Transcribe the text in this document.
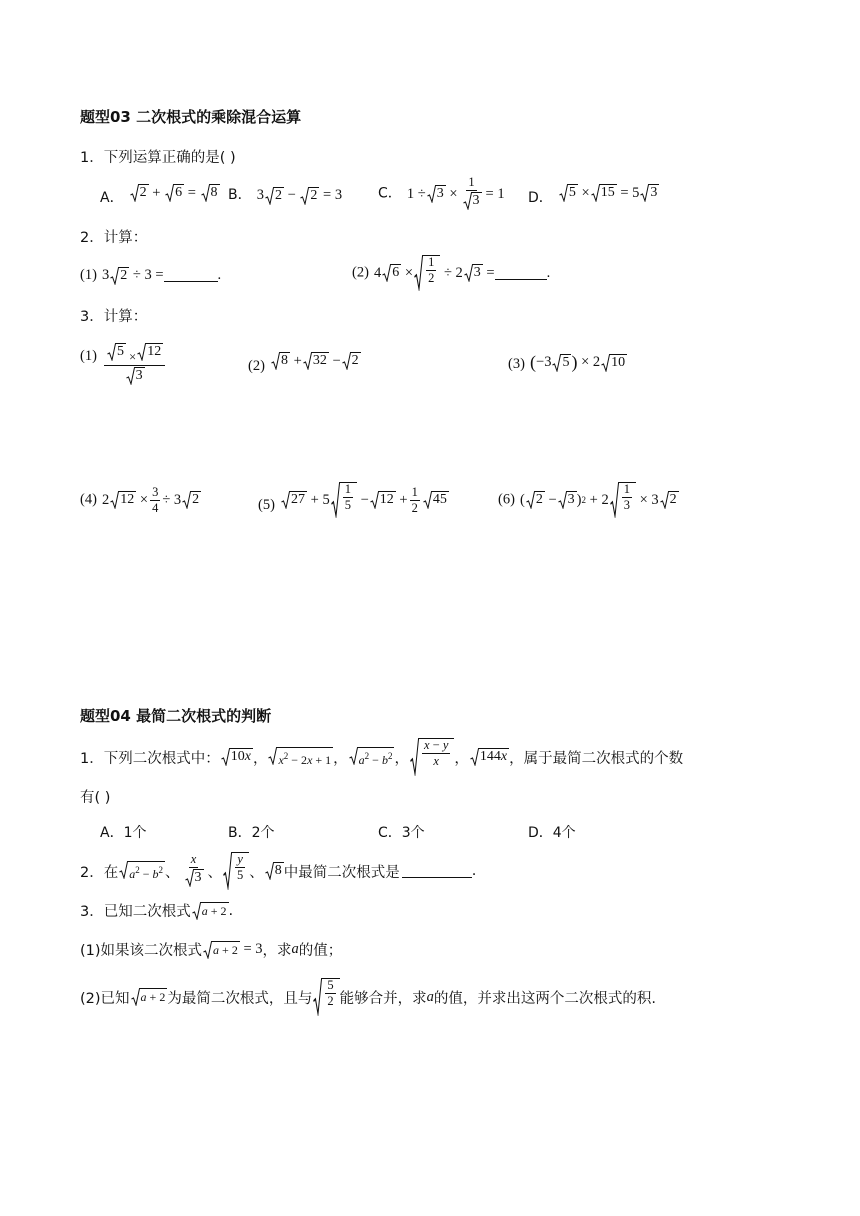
题型03 二次根式的乘除混合运算
1．下列运算正确的是( )
A． 2 + 6 = 8 B． 3 2 − 2 = 3	C． $1 \div 3 \times \frac{1}{3} = 1$ D． 5 × 15 = 5 3
2．计算：
(1) 3 2 ÷ 3 =	.	(2) 4 $6 \times \frac{1}{2} \div 2$ 3 =	.
3．计算：
$(1) \frac{5 \times 12}{3}$	(2) 8 + 32 − 2	(3) ( −3 5 ) × 2 10
(4) 2 $12 \times \frac{3}{4} \div 3$ 2	(5) $27 + 5 \frac{1}{5} - 12 + \frac{1}{2} 45$	(6) ( 2 − 3 ) $2 + 2 \frac{1}{3} \times 3$ 2
题型04 最简二次根式的判断
1．下列二次根式中： 10x ， $x^2 - 2x + 1$ ， $a^2 - b^2$ ， $\frac{x - y}{x}$ ， 144x ，属于最简二次根式的个数
有( )
A．1个	B．2个	C．3个	D．4个
2．在 $a^2 - b^2$ 、 $\frac{x}{3}$ 、 $\frac{y}{5}$ 、 8 中最简二次根式是	.
3．已知二次根式 a + 2 .
(1)如果该二次根式 a + 2 = 3 ，求 a 的值；
(2)已知 a + 2 为最简二次根式，且与 $\frac{5}{2}$ 能够合并，求 a 的值，并求出这两个二次根式的积.
